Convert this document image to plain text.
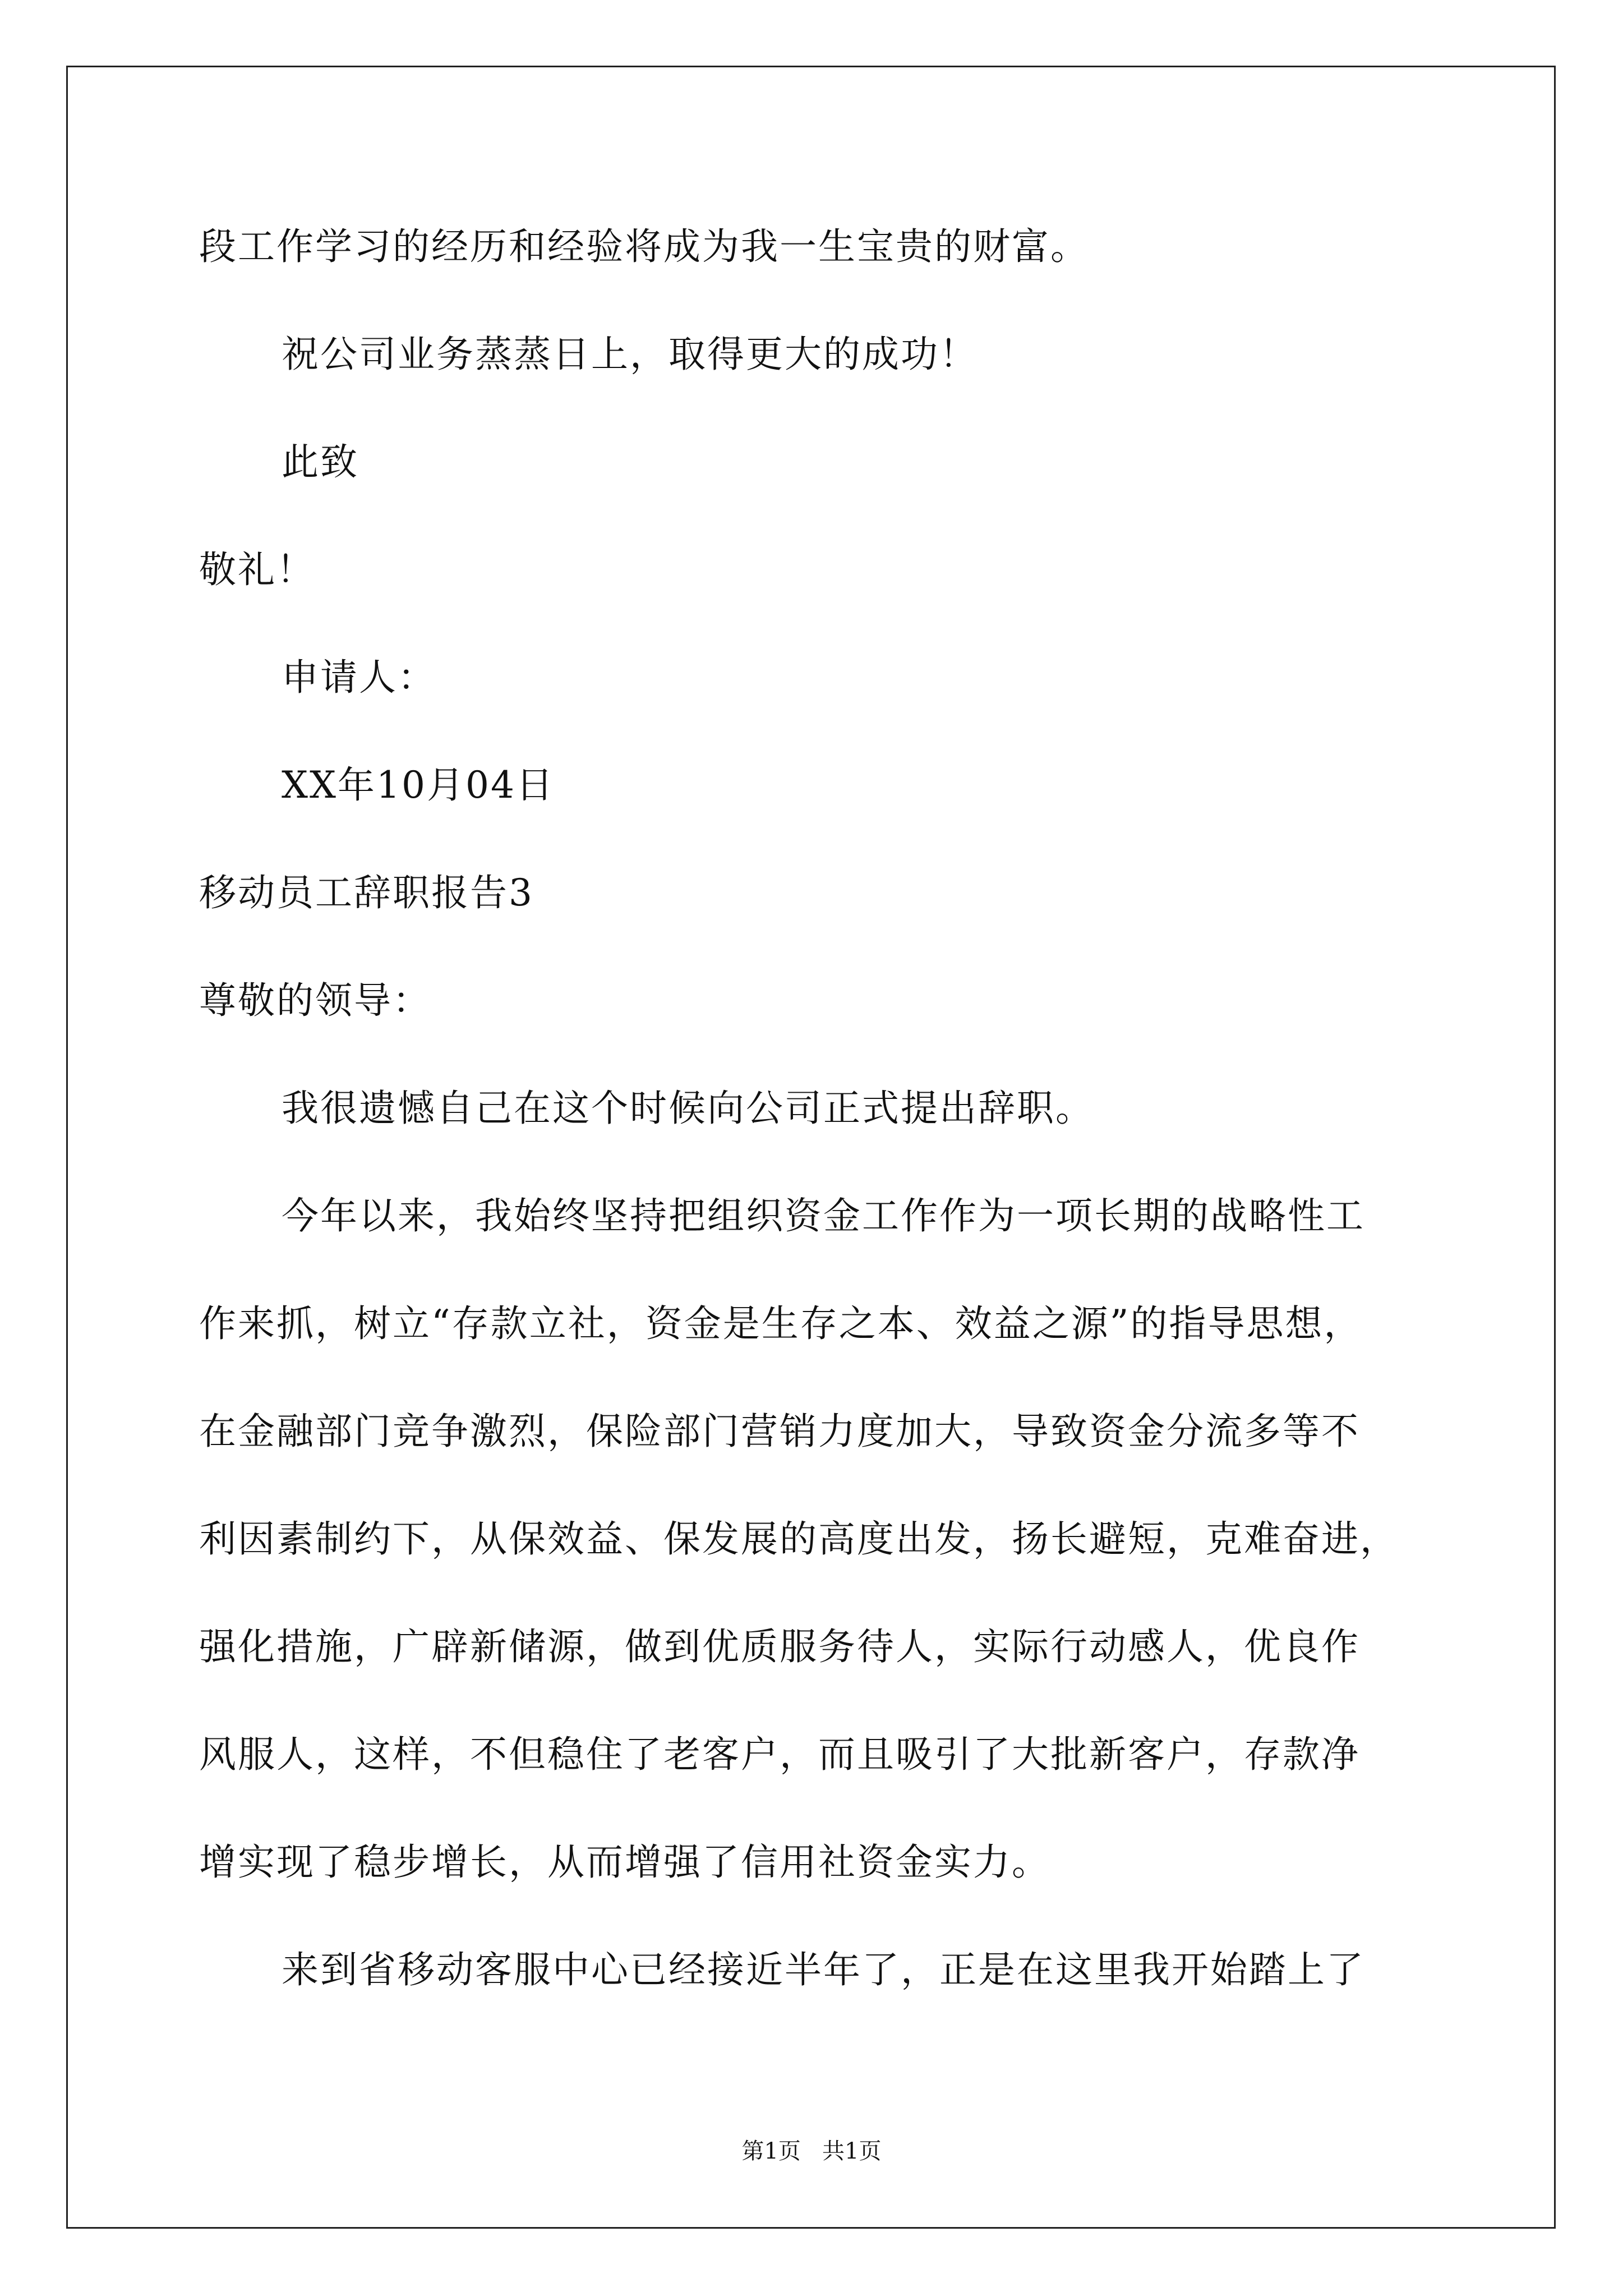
段工作学习的经历和经验将成为我一生宝贵的财富。
祝公司业务蒸蒸日上，取得更大的成功！
此致
敬礼！
申请人：
XX年10月04日
移动员工辞职报告3
尊敬的领导：
我很遗憾自己在这个时候向公司正式提出辞职。
今年以来，我始终坚持把组织资金工作作为一项长期的战略性工
作来抓，树立“存款立社，资金是生存之本、效益之源”的指导思想，
在金融部门竞争激烈，保险部门营销力度加大，导致资金分流多等不
利因素制约下，从保效益、保发展的高度出发，扬长避短，克难奋进，
强化措施，广辟新储源，做到优质服务待人，实际行动感人，优良作
风服人，这样，不但稳住了老客户，而且吸引了大批新客户，存款净
增实现了稳步增长，从而增强了信用社资金实力。
来到省移动客服中心已经接近半年了，正是在这里我开始踏上了
第1页   共1页
